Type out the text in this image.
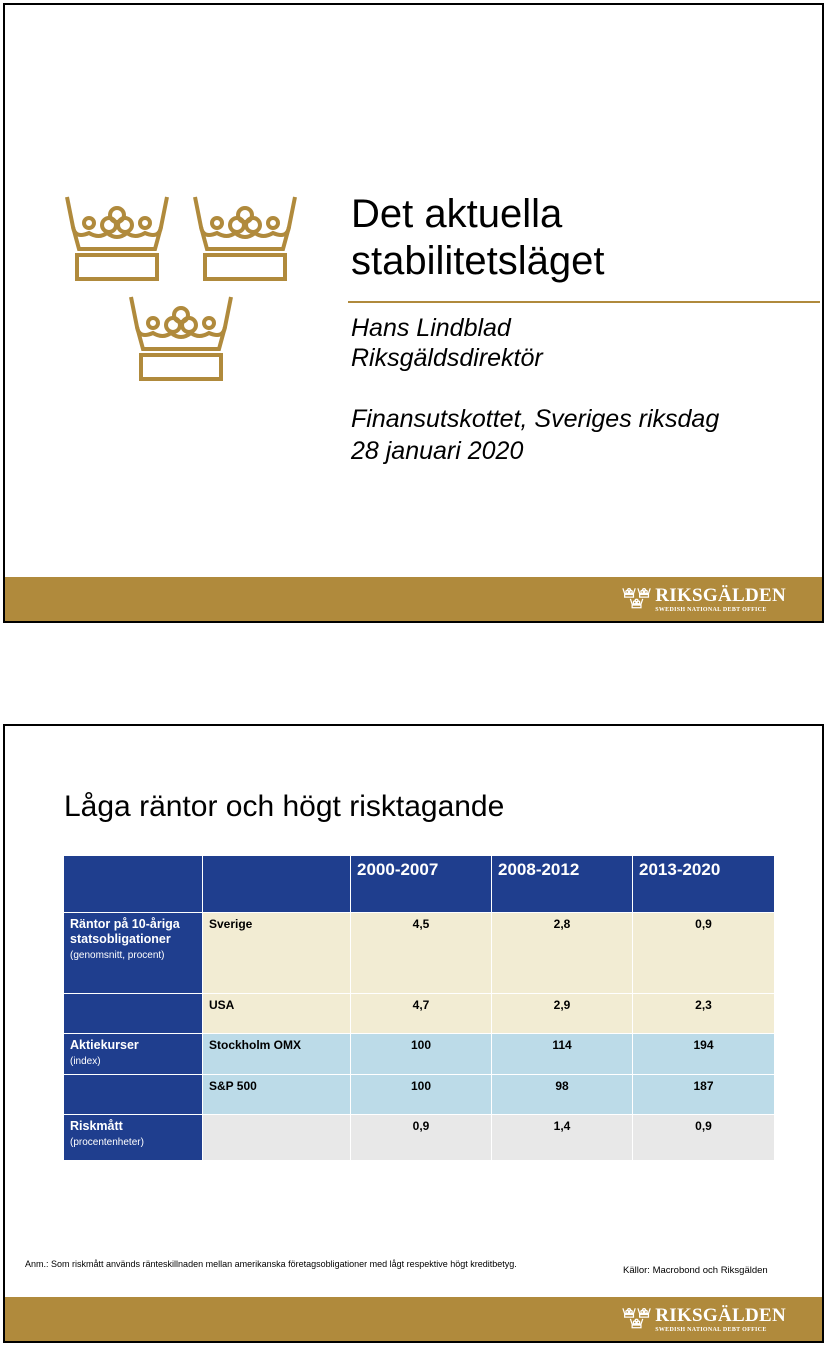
Det aktuella
stabilitetsläget
Hans Lindblad
Riksgäldsdirektör
Finansutskottet, Sveriges riksdag
28 januari 2020
RIKSGÄLDEN
SWEDISH NATIONAL DEBT OFFICE
Låga räntor och högt risktagande
		2000-2007	2008-2012	2013-2020

Räntor på 10-åriga statsobligationer
(genomsnitt, procent)	Sverige	4,5	2,8	0,9

	USA	4,7	2,9	2,3

Aktiekurser
(index)	Stockholm OMX	100	114	194

	S&P 500	100	98	187

Riskmått
(procentenheter)		0,9	1,4	0,9
Anm.: Som riskmått används ränteskillnaden mellan amerikanska företagsobligationer med lågt respektive högt kreditbetyg.
Källor: Macrobond och Riksgälden
RIKSGÄLDEN
SWEDISH NATIONAL DEBT OFFICE
